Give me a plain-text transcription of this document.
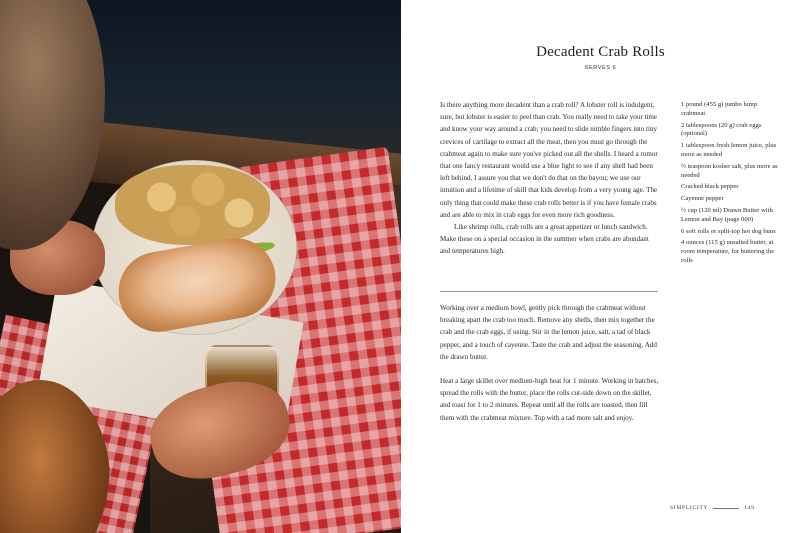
Decadent Crab Rolls
SERVES 6

Is there anything more decadent than a crab roll? A lobster roll is indulgent, sure, but lobster is easier to peel than crab. You really need to take your time and know your way around a crab; you need to slide nimble fingers into tiny crevices of cartilage to extract all the meat, then you must go through the crabmeat again to make sure you've picked out all the shells. I heard a rumor that one fancy restaurant would use a blue light to see if any shell had been left behind. I assure you that we don't do that on the bayou; we use our intuition and a lifetime of skill that kids develop from a very young age. The only thing that could make these crab rolls better is if you have female crabs and are able to mix in crab eggs for even more rich goodness.

Like shrimp rolls, crab rolls are a great appetizer or lunch sandwich. Make these on a special occasion in the summer when crabs are abundant and temperatures high.

Working over a medium bowl, gently pick through the crabmeat without breaking apart the crab too much. Remove any shells, then mix together the crab and the crab eggs, if using. Stir in the lemon juice, salt, a tad of black pepper, and a touch of cayenne. Taste the crab and adjust the seasoning. Add the drawn butter.

Heat a large skillet over medium-high heat for 1 minute. Working in batches, spread the rolls with the butter, place the rolls cut-side down on the skillet, and toast for 1 to 2 minutes. Repeat until all the rolls are toasted, then fill them with the crabmeat mixture. Top with a tad more salt and enjoy.

1 pound (455 g) jumbo lump crabmeat
2 tablespoons (20 g) crab eggs (optional)
1 tablespoon fresh lemon juice, plus more as needed
½ teaspoon kosher salt, plus more as needed
Cracked black pepper
Cayenne pepper
½ cup (120 ml) Drawn Butter with Lemon and Bay (page 000)
6 soft rolls or split-top hot dog buns
4 ounces (115 g) unsalted butter, at room temperature, for buttering the rolls
SIMPLICITY	149
